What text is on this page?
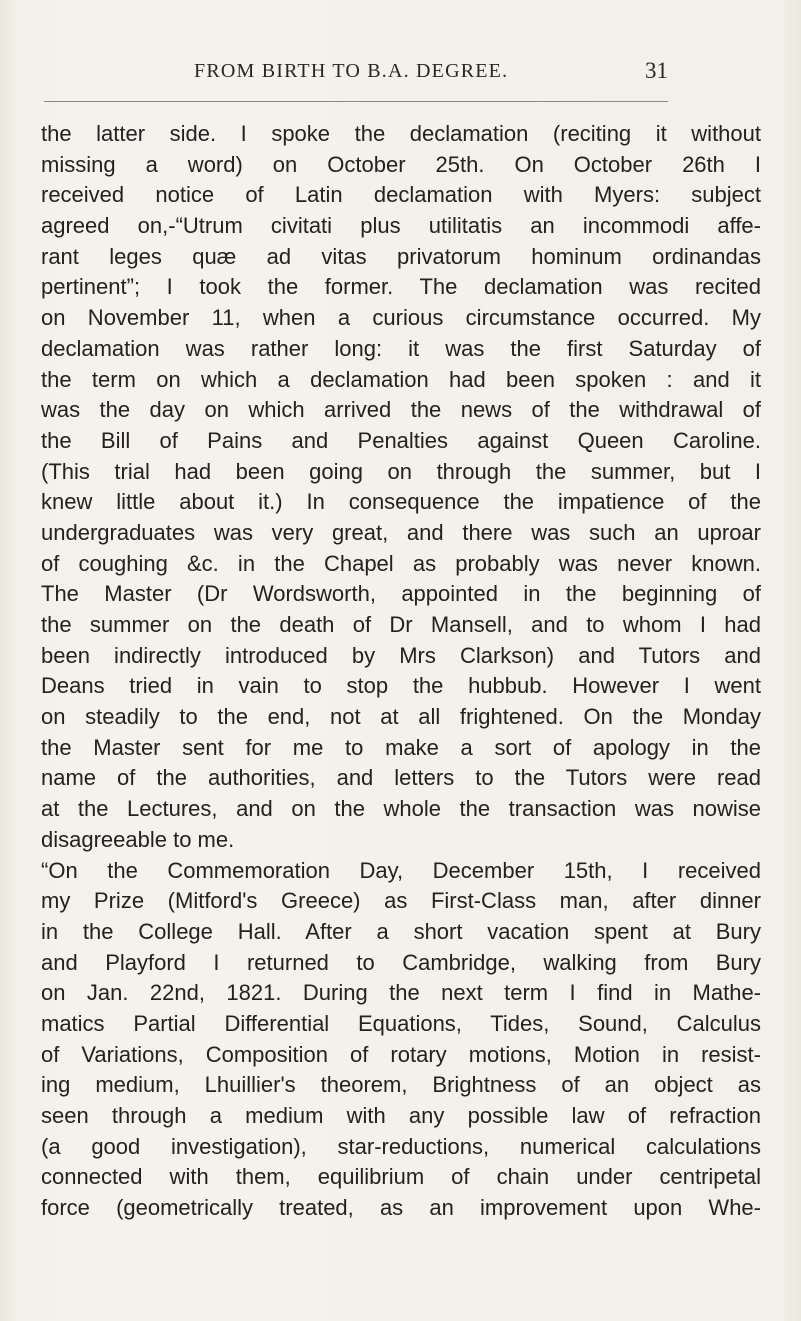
FROM BIRTH TO B.A. DEGREE.	31
the latter side. I spoke the declamation (reciting it without
missing a word) on October 25th. On October 26th I
received notice of Latin declamation with Myers: subject
agreed on,-“Utrum civitati plus utilitatis an incommodi affe-
rant leges quæ ad vitas privatorum hominum ordinandas
pertinent”; I took the former. The declamation was recited
on November 11, when a curious circumstance occurred. My
declamation was rather long: it was the first Saturday of
the term on which a declamation had been spoken : and it
was the day on which arrived the news of the withdrawal of
the Bill of Pains and Penalties against Queen Caroline.
(This trial had been going on through the summer, but I
knew little about it.) In consequence the impatience of the
undergraduates was very great, and there was such an uproar
of coughing &c. in the Chapel as probably was never known.
The Master (Dr Wordsworth, appointed in the beginning of
the summer on the death of Dr Mansell, and to whom I had
been indirectly introduced by Mrs Clarkson) and Tutors and
Deans tried in vain to stop the hubbub. However I went
on steadily to the end, not at all frightened. On the Monday
the Master sent for me to make a sort of apology in the
name of the authorities, and letters to the Tutors were read
at the Lectures, and on the whole the transaction was nowise
disagreeable to me.
“On the Commemoration Day, December 15th, I received
my Prize (Mitford's Greece) as First-Class man, after dinner
in the College Hall. After a short vacation spent at Bury
and Playford I returned to Cambridge, walking from Bury
on Jan. 22nd, 1821. During the next term I find in Mathe-
matics Partial Differential Equations, Tides, Sound, Calculus
of Variations, Composition of rotary motions, Motion in resist-
ing medium, Lhuillier's theorem, Brightness of an object as
seen through a medium with any possible law of refraction
(a good investigation), star-reductions, numerical calculations
connected with them, equilibrium of chain under centripetal
force (geometrically treated, as an improvement upon Whe-
